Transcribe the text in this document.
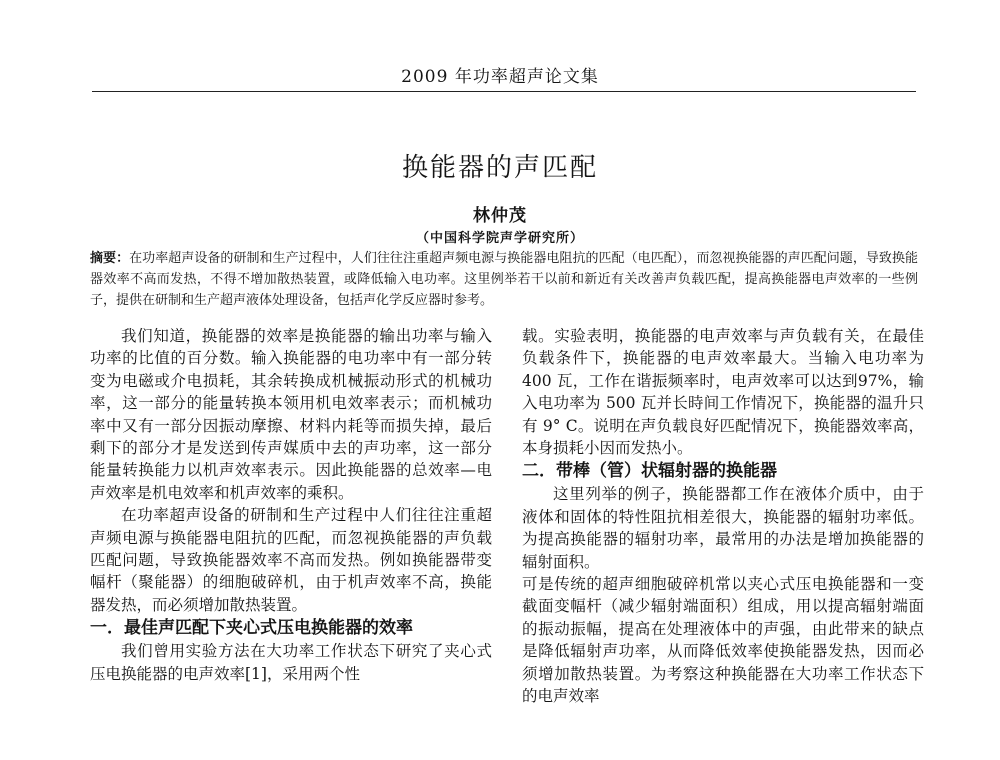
2009 年功率超声论文集
换能器的声匹配
林仲茂
（中国科学院声学研究所）
摘要：在功率超声设备的研制和生产过程中，人们往往注重超声频电源与换能器电阻抗的匹配（电匹配），而忽视换能器的声匹配问题，导致换能器效率不高而发热，不得不增加散热装置，或降低输入电功率。这里例举若干以前和新近有关改善声负载匹配，提高换能器电声效率的一些例子，提供在研制和生产超声液体处理设备，包括声化学反应器时参考。

我们知道，换能器的效率是换能器的输出功率与输入功率的比值的百分数。输入换能器的电功率中有一部分转变为电磁或介电损耗，其余转换成机械振动形式的机械功率，这一部分的能量转换本领用机电效率表示；而机械功率中又有一部分因振动摩擦、材料内耗等而损失掉，最后剩下的部分才是发送到传声媒质中去的声功率，这一部分能量转换能力以机声效率表示。因此换能器的总效率—电声效率是机电效率和机声效率的乘积。

在功率超声设备的研制和生产过程中人们往往注重超声频电源与换能器电阻抗的匹配，而忽视换能器的声负载匹配问题，导致换能器效率不高而发热。例如换能器带变幅杆（聚能器）的细胞破碎机，由于机声效率不高，换能器发热，而必须增加散热装置。

一．最佳声匹配下夹心式压电换能器的效率

我们曾用实验方法在大功率工作状态下研究了夹心式压电换能器的电声效率[1]，采用两个性

载。实验表明，换能器的电声效率与声负载有关，在最佳负载条件下，换能器的电声效率最大。当输入电功率为 400 瓦，工作在谐振频率时，电声效率可以达到97%，输入电功率为 500 瓦并长時间工作情况下，换能器的温升只有 9° C。说明在声负载良好匹配情况下，换能器效率高，本身损耗小因而发热小。

二．带棒（管）状辐射器的换能器

这里列举的例子，换能器都工作在液体介质中，由于液体和固体的特性阻抗相差很大，换能器的辐射功率低。为提高换能器的辐射功率，最常用的办法是增加换能器的辐射面积。

可是传统的超声细胞破碎机常以夹心式压电换能器和一变截面变幅杆（减少辐射端面积）组成，用以提高辐射端面的振动振幅，提高在处理液体中的声强，由此带来的缺点是降低辐射声功率，从而降低效率使换能器发热，因而必须增加散热装置。为考察这种换能器在大功率工作状态下的电声效率
